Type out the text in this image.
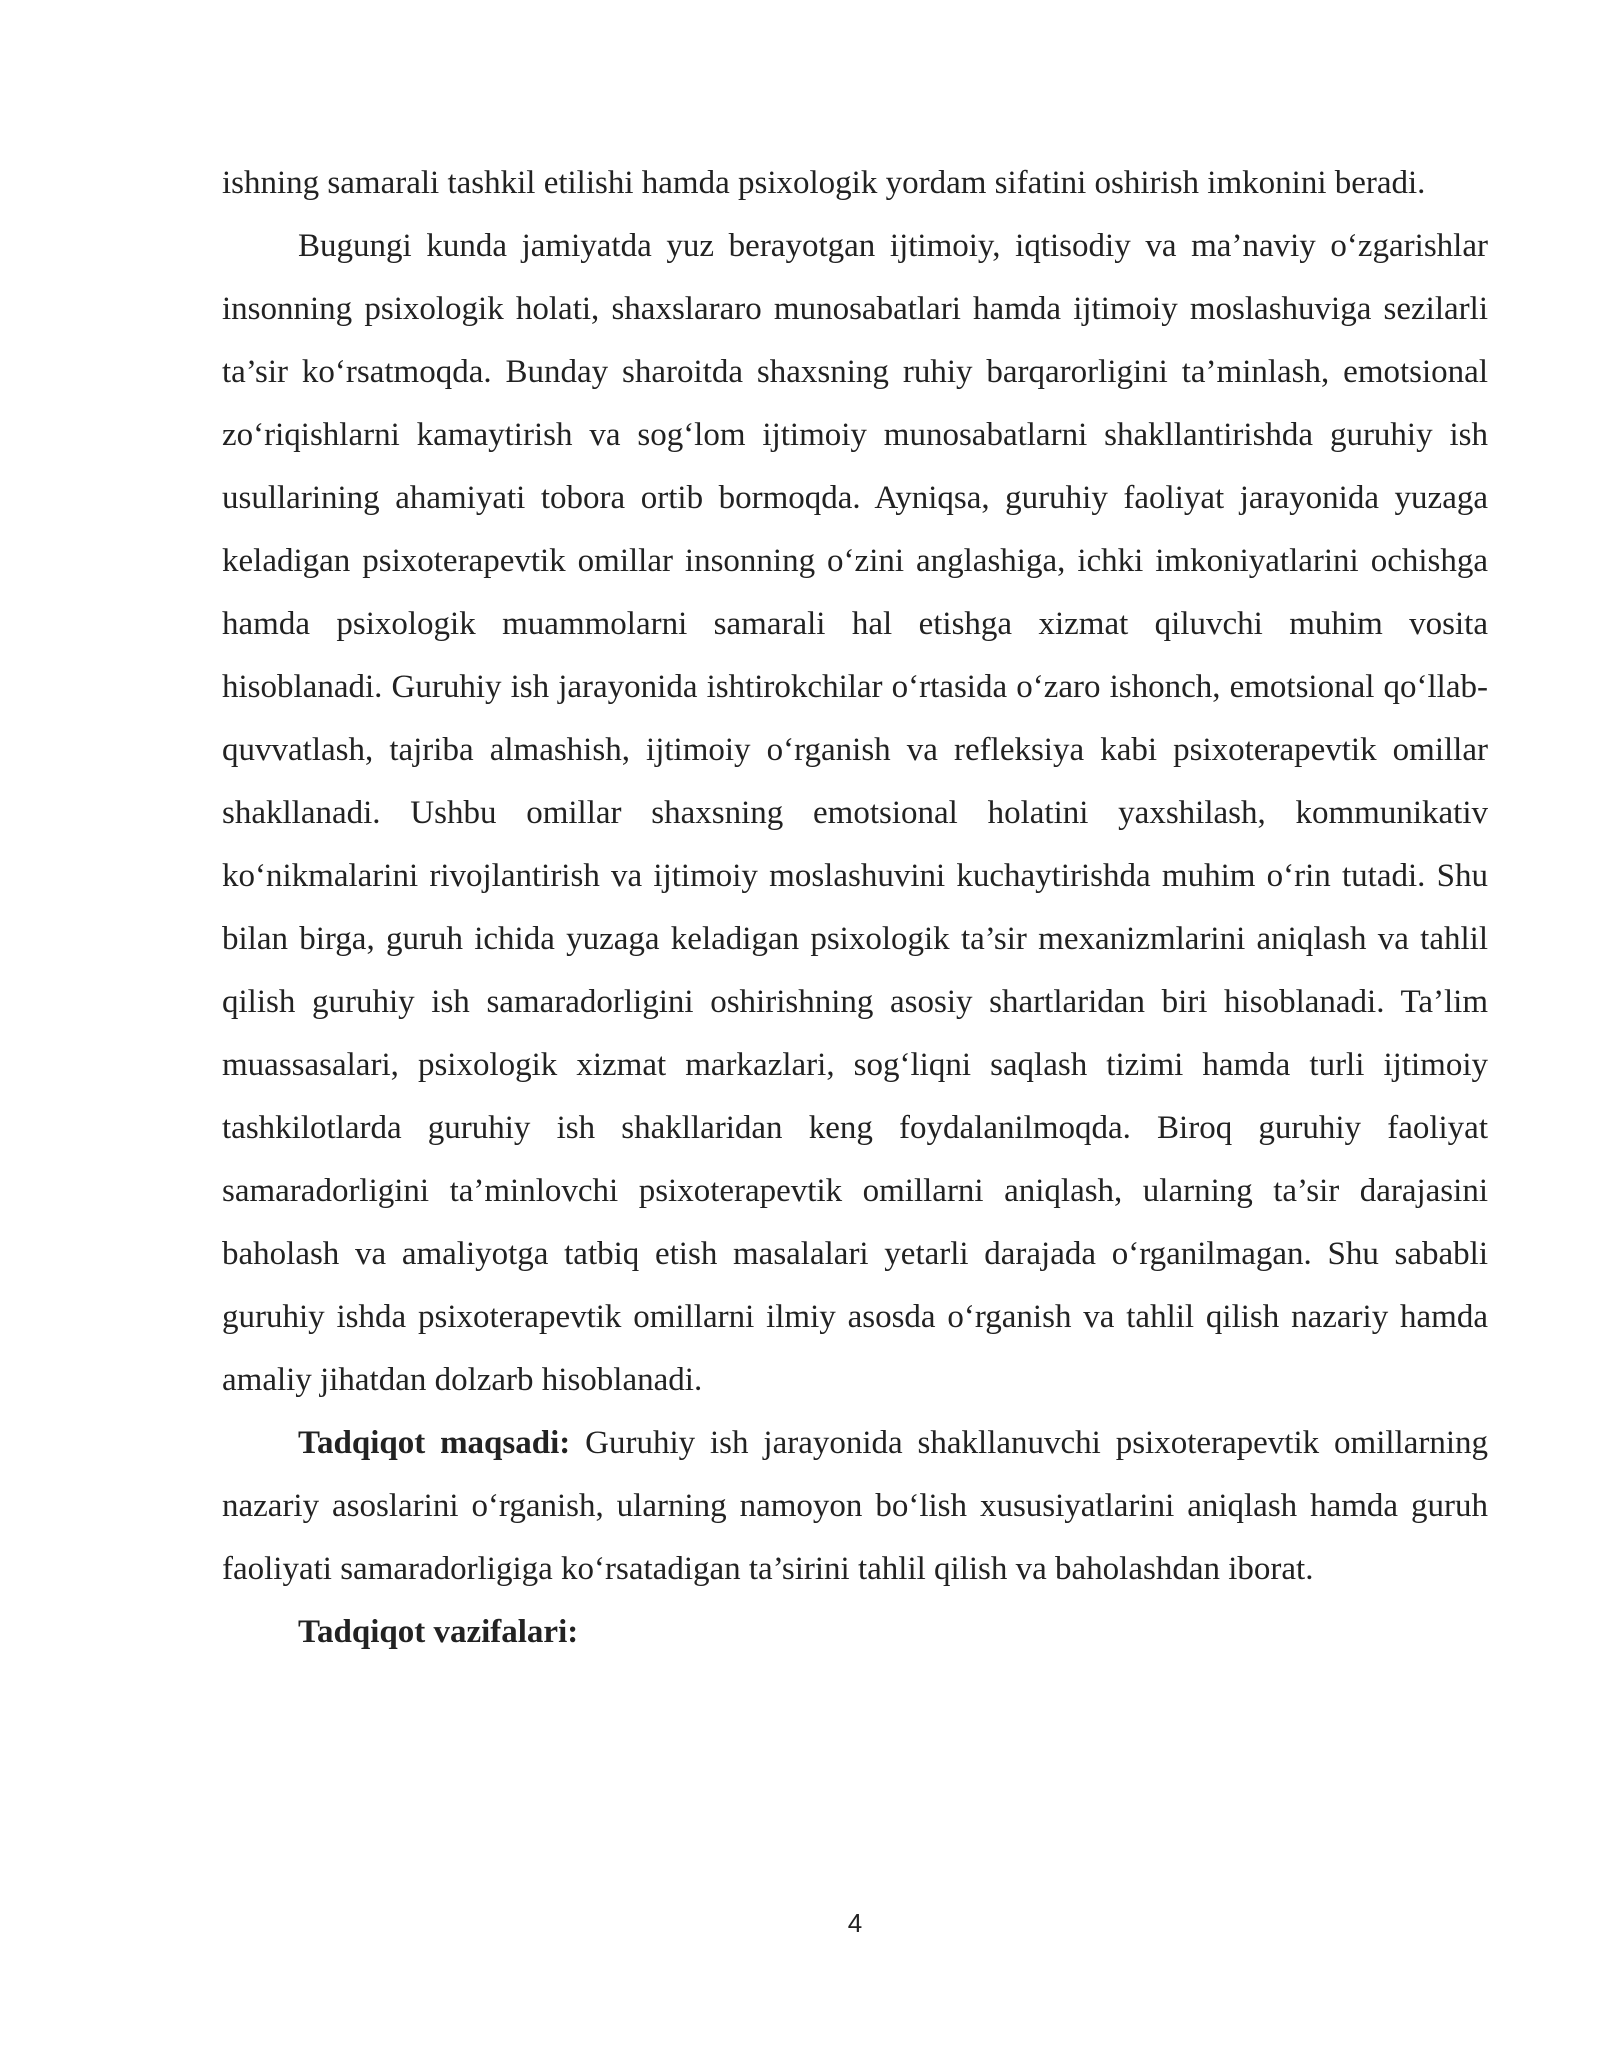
ishning samarali tashkil etilishi hamda psixologik yordam sifatini oshirish imkonini beradi.

Bugungi kunda jamiyatda yuz berayotgan ijtimoiy, iqtisodiy va ma’naviy o‘zgarishlar insonning psixologik holati, shaxslararo munosabatlari hamda ijtimoiy moslashuviga sezilarli ta’sir ko‘rsatmoqda. Bunday sharoitda shaxsning ruhiy barqarorligini ta’minlash, emotsional zo‘riqishlarni kamaytirish va sog‘lom ijtimoiy munosabatlarni shakllantirishda guruhiy ish usullarining ahamiyati tobora ortib bormoqda. Ayniqsa, guruhiy faoliyat jarayonida yuzaga keladigan psixoterapevtik omillar insonning o‘zini anglashiga, ichki imkoniyatlarini ochishga hamda psixologik muammolarni samarali hal etishga xizmat qiluvchi muhim vosita hisoblanadi. Guruhiy ish jarayonida ishtirokchilar o‘rtasida o‘zaro ishonch, emotsional qo‘llab-quvvatlash, tajriba almashish, ijtimoiy o‘rganish va refleksiya kabi psixoterapevtik omillar shakllanadi. Ushbu omillar shaxsning emotsional holatini yaxshilash, kommunikativ ko‘nikmalarini rivojlantirish va ijtimoiy moslashuvini kuchaytirishda muhim o‘rin tutadi. Shu bilan birga, guruh ichida yuzaga keladigan psixologik ta’sir mexanizmlarini aniqlash va tahlil qilish guruhiy ish samaradorligini oshirishning asosiy shartlaridan biri hisoblanadi. Ta’lim muassasalari, psixologik xizmat markazlari, sog‘liqni saqlash tizimi hamda turli ijtimoiy tashkilotlarda guruhiy ish shakllaridan keng foydalanilmoqda. Biroq guruhiy faoliyat samaradorligini ta’minlovchi psixoterapevtik omillarni aniqlash, ularning ta’sir darajasini baholash va amaliyotga tatbiq etish masalalari yetarli darajada o‘rganilmagan. Shu sababli guruhiy ishda psixoterapevtik omillarni ilmiy asosda o‘rganish va tahlil qilish nazariy hamda amaliy jihatdan dolzarb hisoblanadi.

Tadqiqot maqsadi: Guruhiy ish jarayonida shakllanuvchi psixoterapevtik omillarning nazariy asoslarini o‘rganish, ularning namoyon bo‘lish xususiyatlarini aniqlash hamda guruh faoliyati samaradorligiga ko‘rsatadigan ta’sirini tahlil qilish va baholashdan iborat.

Tadqiqot vazifalari:

4
